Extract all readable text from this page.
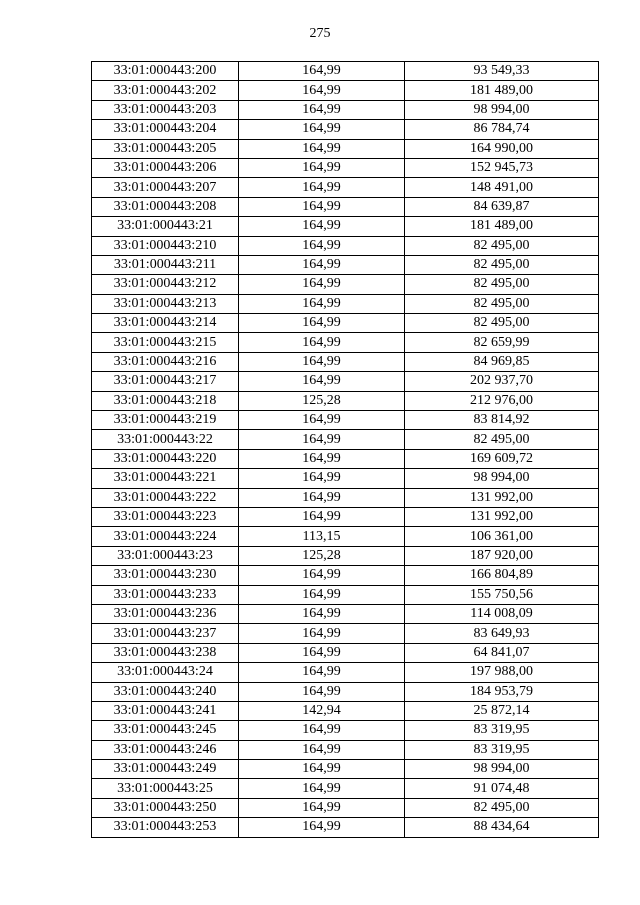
275
33:01:000443:200	164,99	93 549,33
33:01:000443:202	164,99	181 489,00
33:01:000443:203	164,99	98 994,00
33:01:000443:204	164,99	86 784,74
33:01:000443:205	164,99	164 990,00
33:01:000443:206	164,99	152 945,73
33:01:000443:207	164,99	148 491,00
33:01:000443:208	164,99	84 639,87
33:01:000443:21	164,99	181 489,00
33:01:000443:210	164,99	82 495,00
33:01:000443:211	164,99	82 495,00
33:01:000443:212	164,99	82 495,00
33:01:000443:213	164,99	82 495,00
33:01:000443:214	164,99	82 495,00
33:01:000443:215	164,99	82 659,99
33:01:000443:216	164,99	84 969,85
33:01:000443:217	164,99	202 937,70
33:01:000443:218	125,28	212 976,00
33:01:000443:219	164,99	83 814,92
33:01:000443:22	164,99	82 495,00
33:01:000443:220	164,99	169 609,72
33:01:000443:221	164,99	98 994,00
33:01:000443:222	164,99	131 992,00
33:01:000443:223	164,99	131 992,00
33:01:000443:224	113,15	106 361,00
33:01:000443:23	125,28	187 920,00
33:01:000443:230	164,99	166 804,89
33:01:000443:233	164,99	155 750,56
33:01:000443:236	164,99	114 008,09
33:01:000443:237	164,99	83 649,93
33:01:000443:238	164,99	64 841,07
33:01:000443:24	164,99	197 988,00
33:01:000443:240	164,99	184 953,79
33:01:000443:241	142,94	25 872,14
33:01:000443:245	164,99	83 319,95
33:01:000443:246	164,99	83 319,95
33:01:000443:249	164,99	98 994,00
33:01:000443:25	164,99	91 074,48
33:01:000443:250	164,99	82 495,00
33:01:000443:253	164,99	88 434,64
